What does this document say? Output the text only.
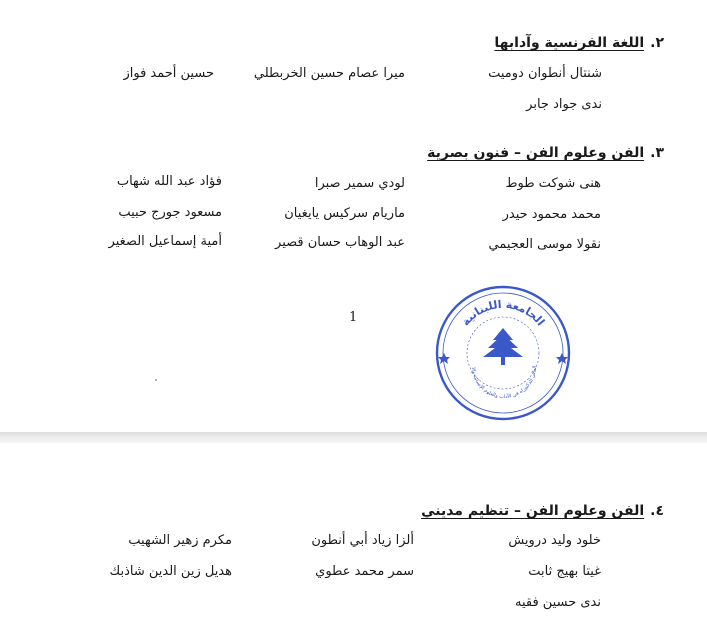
٢.اللغة الفرنسية وآدابها
شنتال أنطوان دوميت
ميرا عصام حسين الخربطلي
حسين أحمد فواز
ندى جواد جابر
٣.الفن وعلوم الفن – فنون بصرية
هنى شوكت طوط
لودي سمير صبرا
فؤاد عبد الله شهاب
محمد محمود حيدر
ماريام سركيس يايغيان
مسعود جورج حبيب
نقولا موسى العجيمي
عبد الوهاب حسان قصير
أمية إسماعيل الصغير
1	الجامعة اللبنانية
العالي للدكتوراه في الآداب والعلوم الإنسانية والا
٤.الفن وعلوم الفن – تنظيم مديني
خلود وليد درويش
ألزا زياد أبي أنطون
مكرم زهير الشهيب
غيتا بهيج ثابت
سمر محمد عطوي
هديل زين الدين شاذبك
ندى حسين فقيه
